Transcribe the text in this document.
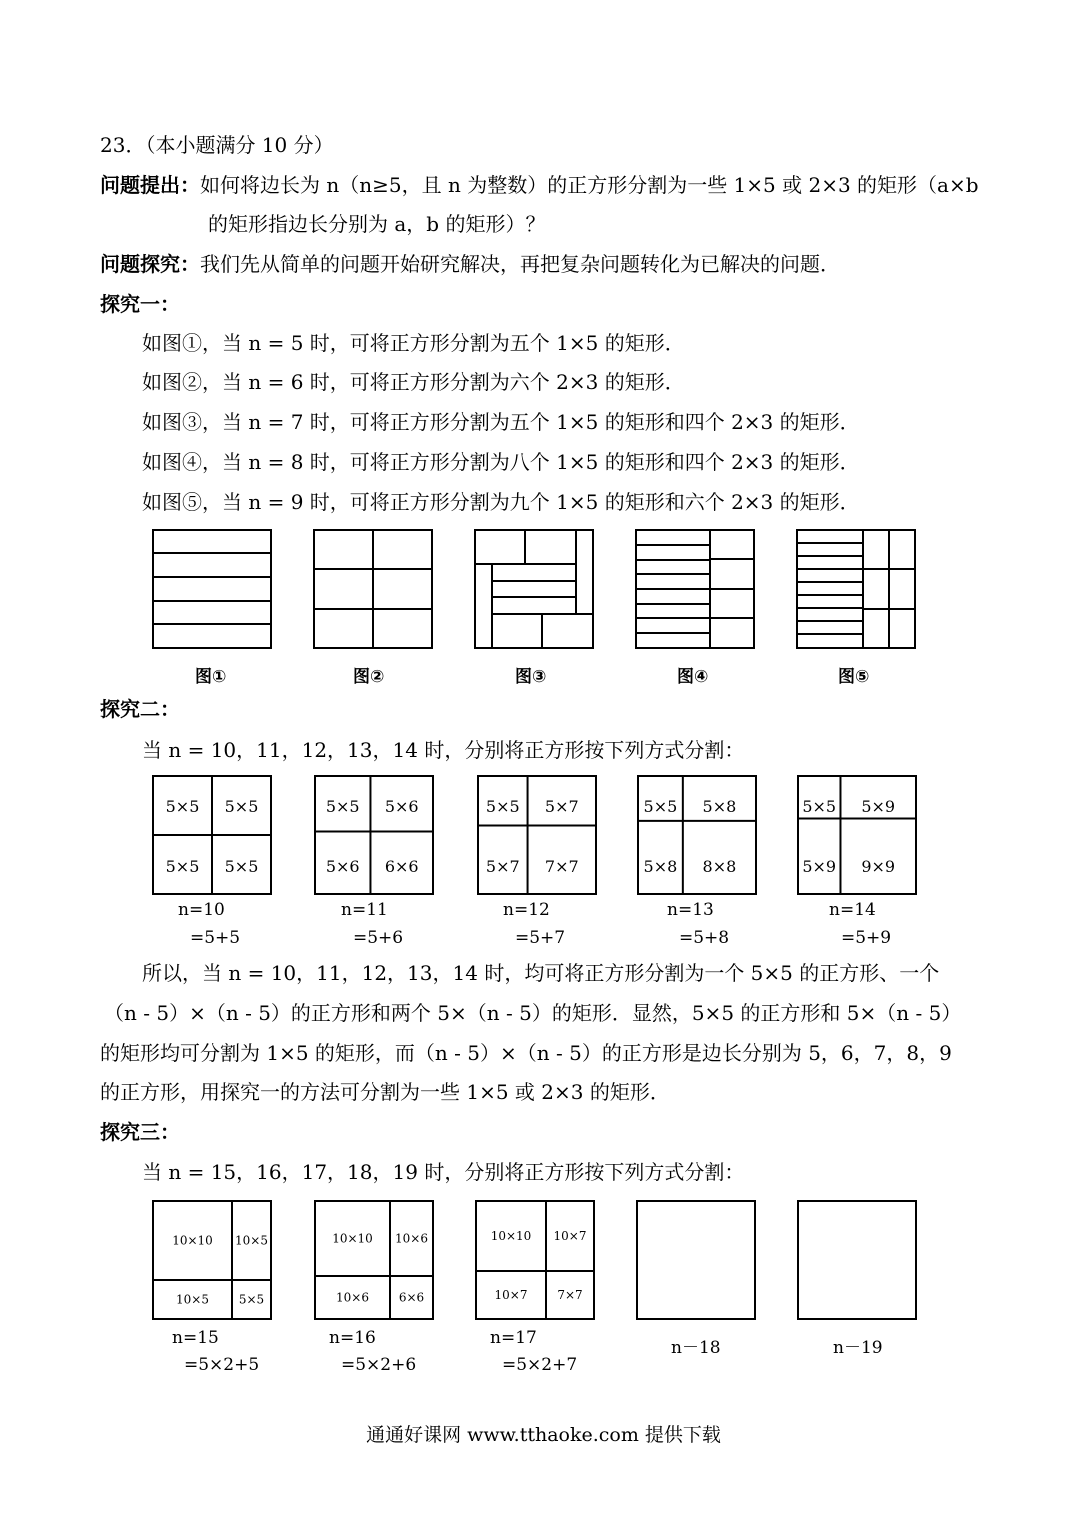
23．（本小题满分 10 分）
问题提出：如何将边长为 n（n≥5，且 n 为整数）的正方形分割为一些 1×5 或 2×3 的矩形（a×b
的矩形指边长分别为 a，b 的矩形）？
问题探究：我们先从简单的问题开始研究解决，再把复杂问题转化为已解决的问题．
探究一：
如图①，当 n = 5 时，可将正方形分割为五个 1×5 的矩形．
如图②，当 n = 6 时，可将正方形分割为六个 2×3 的矩形．
如图③，当 n = 7 时，可将正方形分割为五个 1×5 的矩形和四个 2×3 的矩形．
如图④，当 n = 8 时，可将正方形分割为八个 1×5 的矩形和四个 2×3 的矩形．
如图⑤，当 n = 9 时，可将正方形分割为九个 1×5 的矩形和六个 2×3 的矩形．
图①	图②	图③	图④	图⑤
探究二：
当 n = 10，11，12，13，14 时，分别将正方形按下列方式分割：
5×5 5×5
5×5 5×5
5×5 5×6
5×6 6×6
5×5 5×7
5×7 7×7
5×5 5×8
5×8 8×8
5×5 5×9
5×9 9×9
n=10
=5+5
n=11
=5+6
n=12
=5+7
n=13
=5+8
n=14
=5+9
所以，当 n = 10，11，12，13，14 时，均可将正方形分割为一个 5×5 的正方形、一个
（n - 5）×（n - 5）的正方形和两个 5×（n - 5）的矩形．显然，5×5 的正方形和 5×（n - 5）
的矩形均可分割为 1×5 的矩形，而（n - 5）×（n - 5）的正方形是边长分别为 5，6，7，8，9
的正方形，用探究一的方法可分割为一些 1×5 或 2×3 的矩形．
探究三：
当 n = 15，16，17，18，19 时，分别将正方形按下列方式分割：
10×10 10×5
10×5 5×5
10×10 10×6
10×6 6×6
10×10 10×7
10×7 7×7
n=15
=5×2+5
n=16
=5×2+6
n=17
=5×2+7
n－18	n－19
通通好课网 www.tthaoke.com 提供下载
